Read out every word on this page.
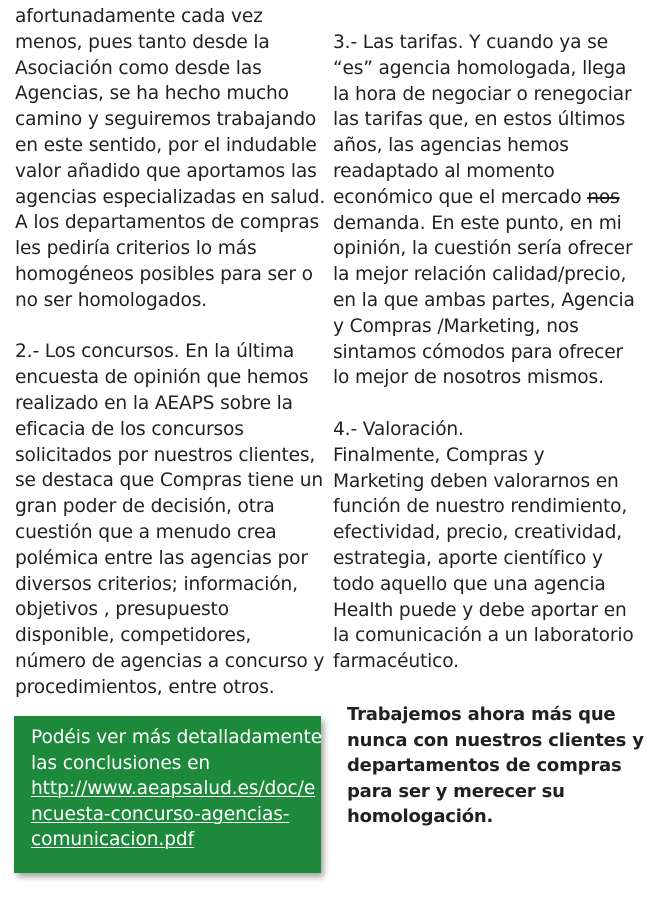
afortunadamente cada vez
menos, pues tanto desde la
Asociación como desde las
Agencias, se ha hecho mucho
camino y seguiremos trabajando
en este sentido, por el indudable
valor añadido que aportamos las
agencias especializadas en salud.
A los departamentos de compras
les pediría criterios lo más
homogéneos posibles para ser o
no ser homologados.
2.- Los concursos. En la última
encuesta de opinión que hemos
realizado en la AEAPS sobre la
eficacia de los concursos
solicitados por nuestros clientes,
se destaca que Compras tiene un
gran poder de decisión, otra
cuestión que a menudo crea
polémica entre las agencias por
diversos criterios; información,
objetivos , presupuesto
disponible, competidores,
número de agencias a concurso y
procedimientos, entre otros.
3.- Las tarifas. Y cuando ya se
“es” agencia homologada, llega
la hora de negociar o renegociar
las tarifas que, en estos últimos
años, las agencias hemos
readaptado al momento
económico que el mercado nos
demanda. En este punto, en mi
opinión, la cuestión sería ofrecer
la mejor relación calidad/precio,
en la que ambas partes, Agencia
y Compras /Marketing, nos
sintamos cómodos para ofrecer
lo mejor de nosotros mismos.
4.- Valoración.
Finalmente, Compras y
Marketing deben valorarnos en
función de nuestro rendimiento,
efectividad, precio, creatividad,
estrategia, aporte científico y
todo aquello que una agencia
Health puede y debe aportar en
la comunicación a un laboratorio
farmacéutico.
Podéis ver más detalladamente
las conclusiones en
http://www.aeapsalud.es/doc/e
ncuesta-concurso-agencias-
comunicacion.pdf
Trabajemos ahora más que
nunca con nuestros clientes y
departamentos de compras
para ser y merecer su
homologación.
